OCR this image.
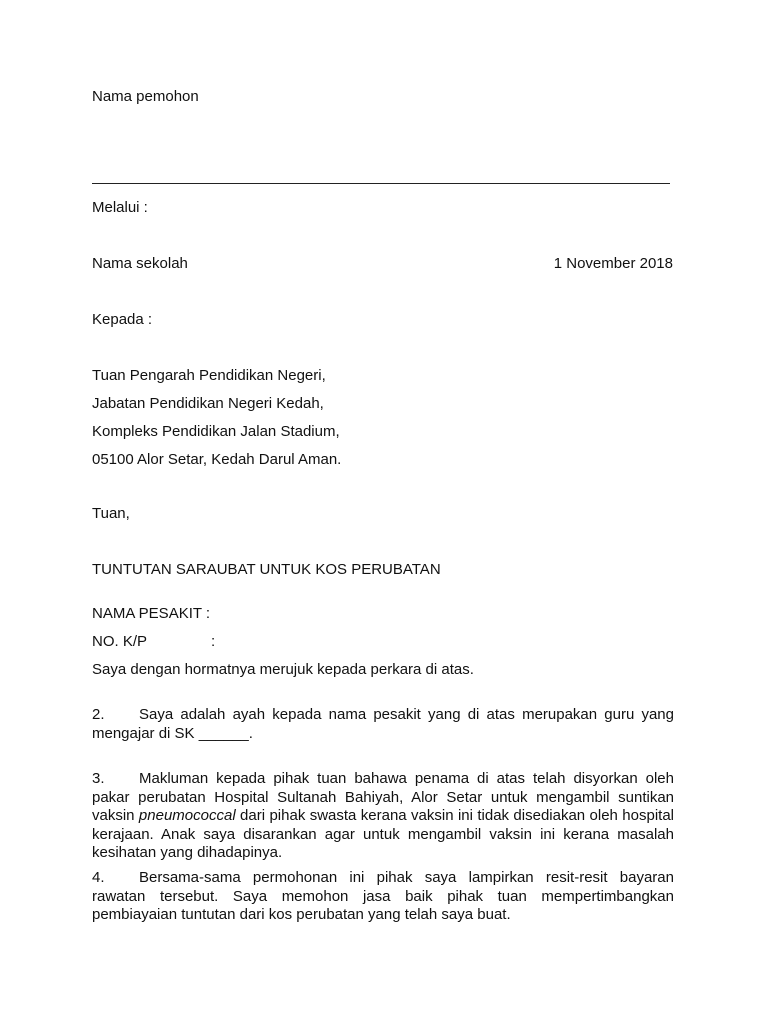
Nama pemohon
Melalui :
Nama sekolah	1 November 2018
Kepada :
Tuan Pengarah Pendidikan Negeri,
Jabatan Pendidikan Negeri Kedah,
Kompleks Pendidikan Jalan Stadium,
05100 Alor Setar, Kedah Darul Aman.
Tuan,
TUNTUTAN SARAUBAT UNTUK KOS PERUBATAN
NAMA PESAKIT :
NO. K/P	:
Saya dengan hormatnya merujuk kepada perkara di atas.
2. Saya adalah ayah kepada nama pesakit yang di atas merupakan guru yang mengajar di SK ______.
3. Makluman kepada pihak tuan bahawa penama di atas telah disyorkan oleh pakar perubatan Hospital Sultanah Bahiyah, Alor Setar untuk mengambil suntikan vaksin pneumococcal dari pihak swasta kerana vaksin ini tidak disediakan oleh hospital kerajaan. Anak saya disarankan agar untuk mengambil vaksin ini kerana masalah kesihatan yang dihadapinya.
4. Bersama-sama permohonan ini pihak saya lampirkan resit-resit bayaran rawatan tersebut. Saya memohon jasa baik pihak tuan mempertimbangkan pembiayaian tuntutan dari kos perubatan yang telah saya buat.
